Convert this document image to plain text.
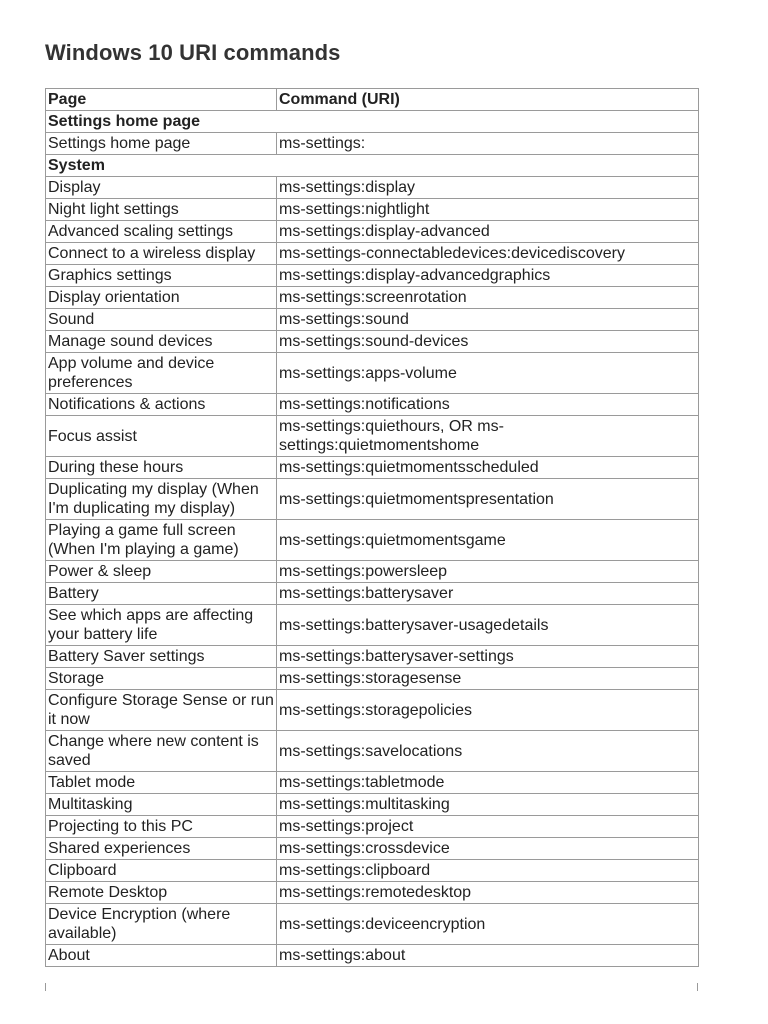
Windows 10 URI commands
Page	Command (URI)
Settings home page	
Settings home page	ms-settings:
System	
Display	ms-settings:display
Night light settings	ms-settings:nightlight
Advanced scaling settings	ms-settings:display-advanced
Connect to a wireless display	ms-settings-connectabledevices:devicediscovery
Graphics settings	ms-settings:display-advancedgraphics
Display orientation	ms-settings:screenrotation
Sound	ms-settings:sound
Manage sound devices	ms-settings:sound-devices
App volume and device preferences	ms-settings:apps-volume
Notifications & actions	ms-settings:notifications
Focus assist	ms-settings:quiethours, OR ms-settings:quietmomentshome
During these hours	ms-settings:quietmomentsscheduled
Duplicating my display (When I'm duplicating my display)	ms-settings:quietmomentspresentation
Playing a game full screen (When I'm playing a game)	ms-settings:quietmomentsgame
Power & sleep	ms-settings:powersleep
Battery	ms-settings:batterysaver
See which apps are affecting your battery life	ms-settings:batterysaver-usagedetails
Battery Saver settings	ms-settings:batterysaver-settings
Storage	ms-settings:storagesense
Configure Storage Sense or run it now	ms-settings:storagepolicies
Change where new content is saved	ms-settings:savelocations
Tablet mode	ms-settings:tabletmode
Multitasking	ms-settings:multitasking
Projecting to this PC	ms-settings:project
Shared experiences	ms-settings:crossdevice
Clipboard	ms-settings:clipboard
Remote Desktop	ms-settings:remotedesktop
Device Encryption (where available)	ms-settings:deviceencryption
About	ms-settings:about
